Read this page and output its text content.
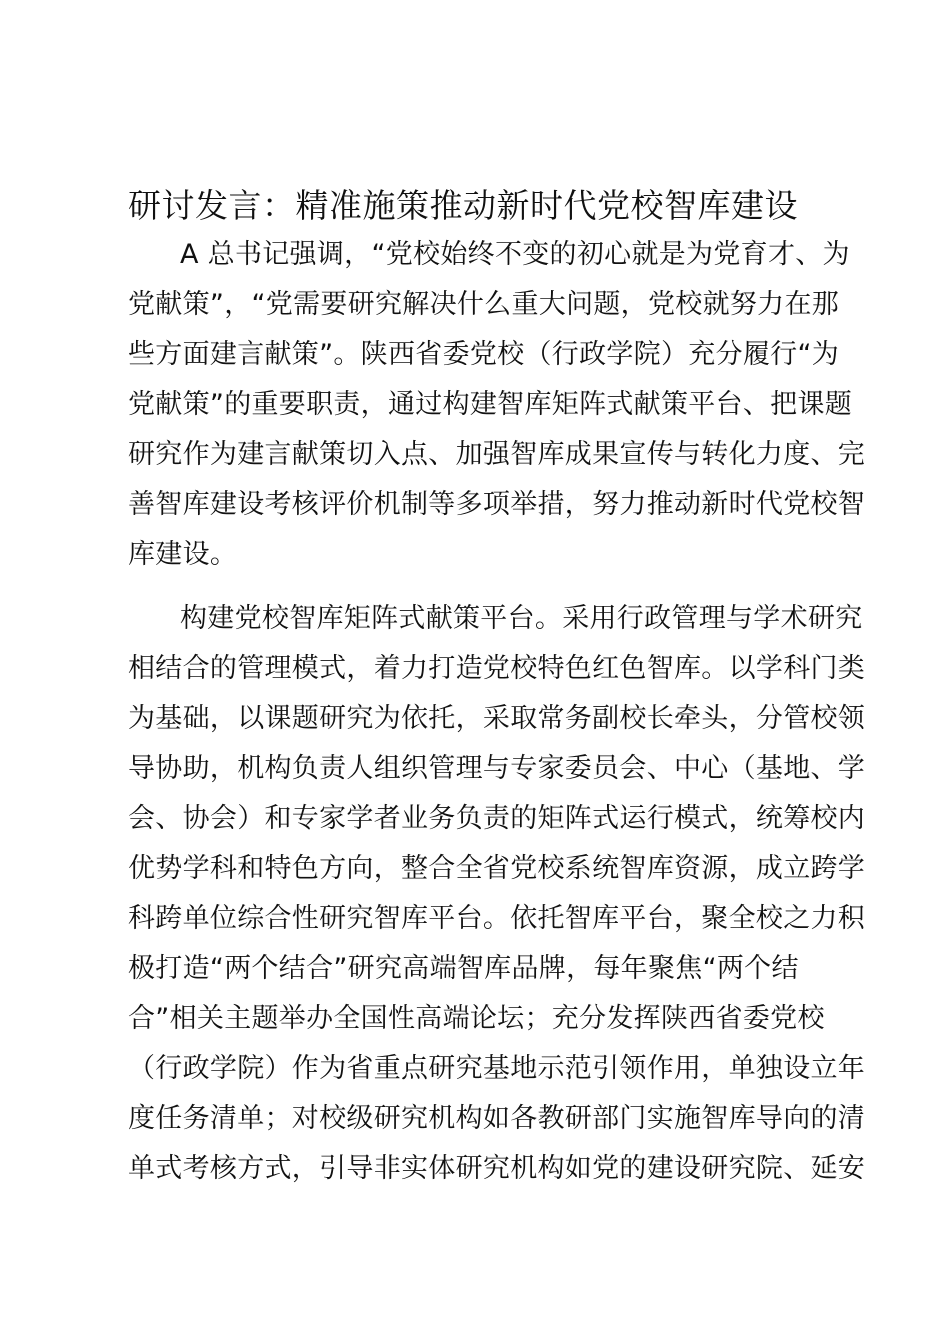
研讨发言：精准施策推动新时代党校智库建设
A 总书记强调，“党校始终不变的初心就是为党育才、为
党献策”，“党需要研究解决什么重大问题，党校就努力在那
些方面建言献策”。陕西省委党校（行政学院）充分履行“为
党献策”的重要职责，通过构建智库矩阵式献策平台、把课题
研究作为建言献策切入点、加强智库成果宣传与转化力度、完
善智库建设考核评价机制等多项举措，努力推动新时代党校智
库建设。
构建党校智库矩阵式献策平台。采用行政管理与学术研究
相结合的管理模式，着力打造党校特色红色智库。以学科门类
为基础，以课题研究为依托，采取常务副校长牵头，分管校领
导协助，机构负责人组织管理与专家委员会、中心（基地、学
会、协会）和专家学者业务负责的矩阵式运行模式，统筹校内
优势学科和特色方向，整合全省党校系统智库资源，成立跨学
科跨单位综合性研究智库平台。依托智库平台，聚全校之力积
极打造“两个结合”研究高端智库品牌，每年聚焦“两个结
合”相关主题举办全国性高端论坛；充分发挥陕西省委党校
（行政学院）作为省重点研究基地示范引领作用，单独设立年
度任务清单；对校级研究机构如各教研部门实施智库导向的清
单式考核方式，引导非实体研究机构如党的建设研究院、延安
